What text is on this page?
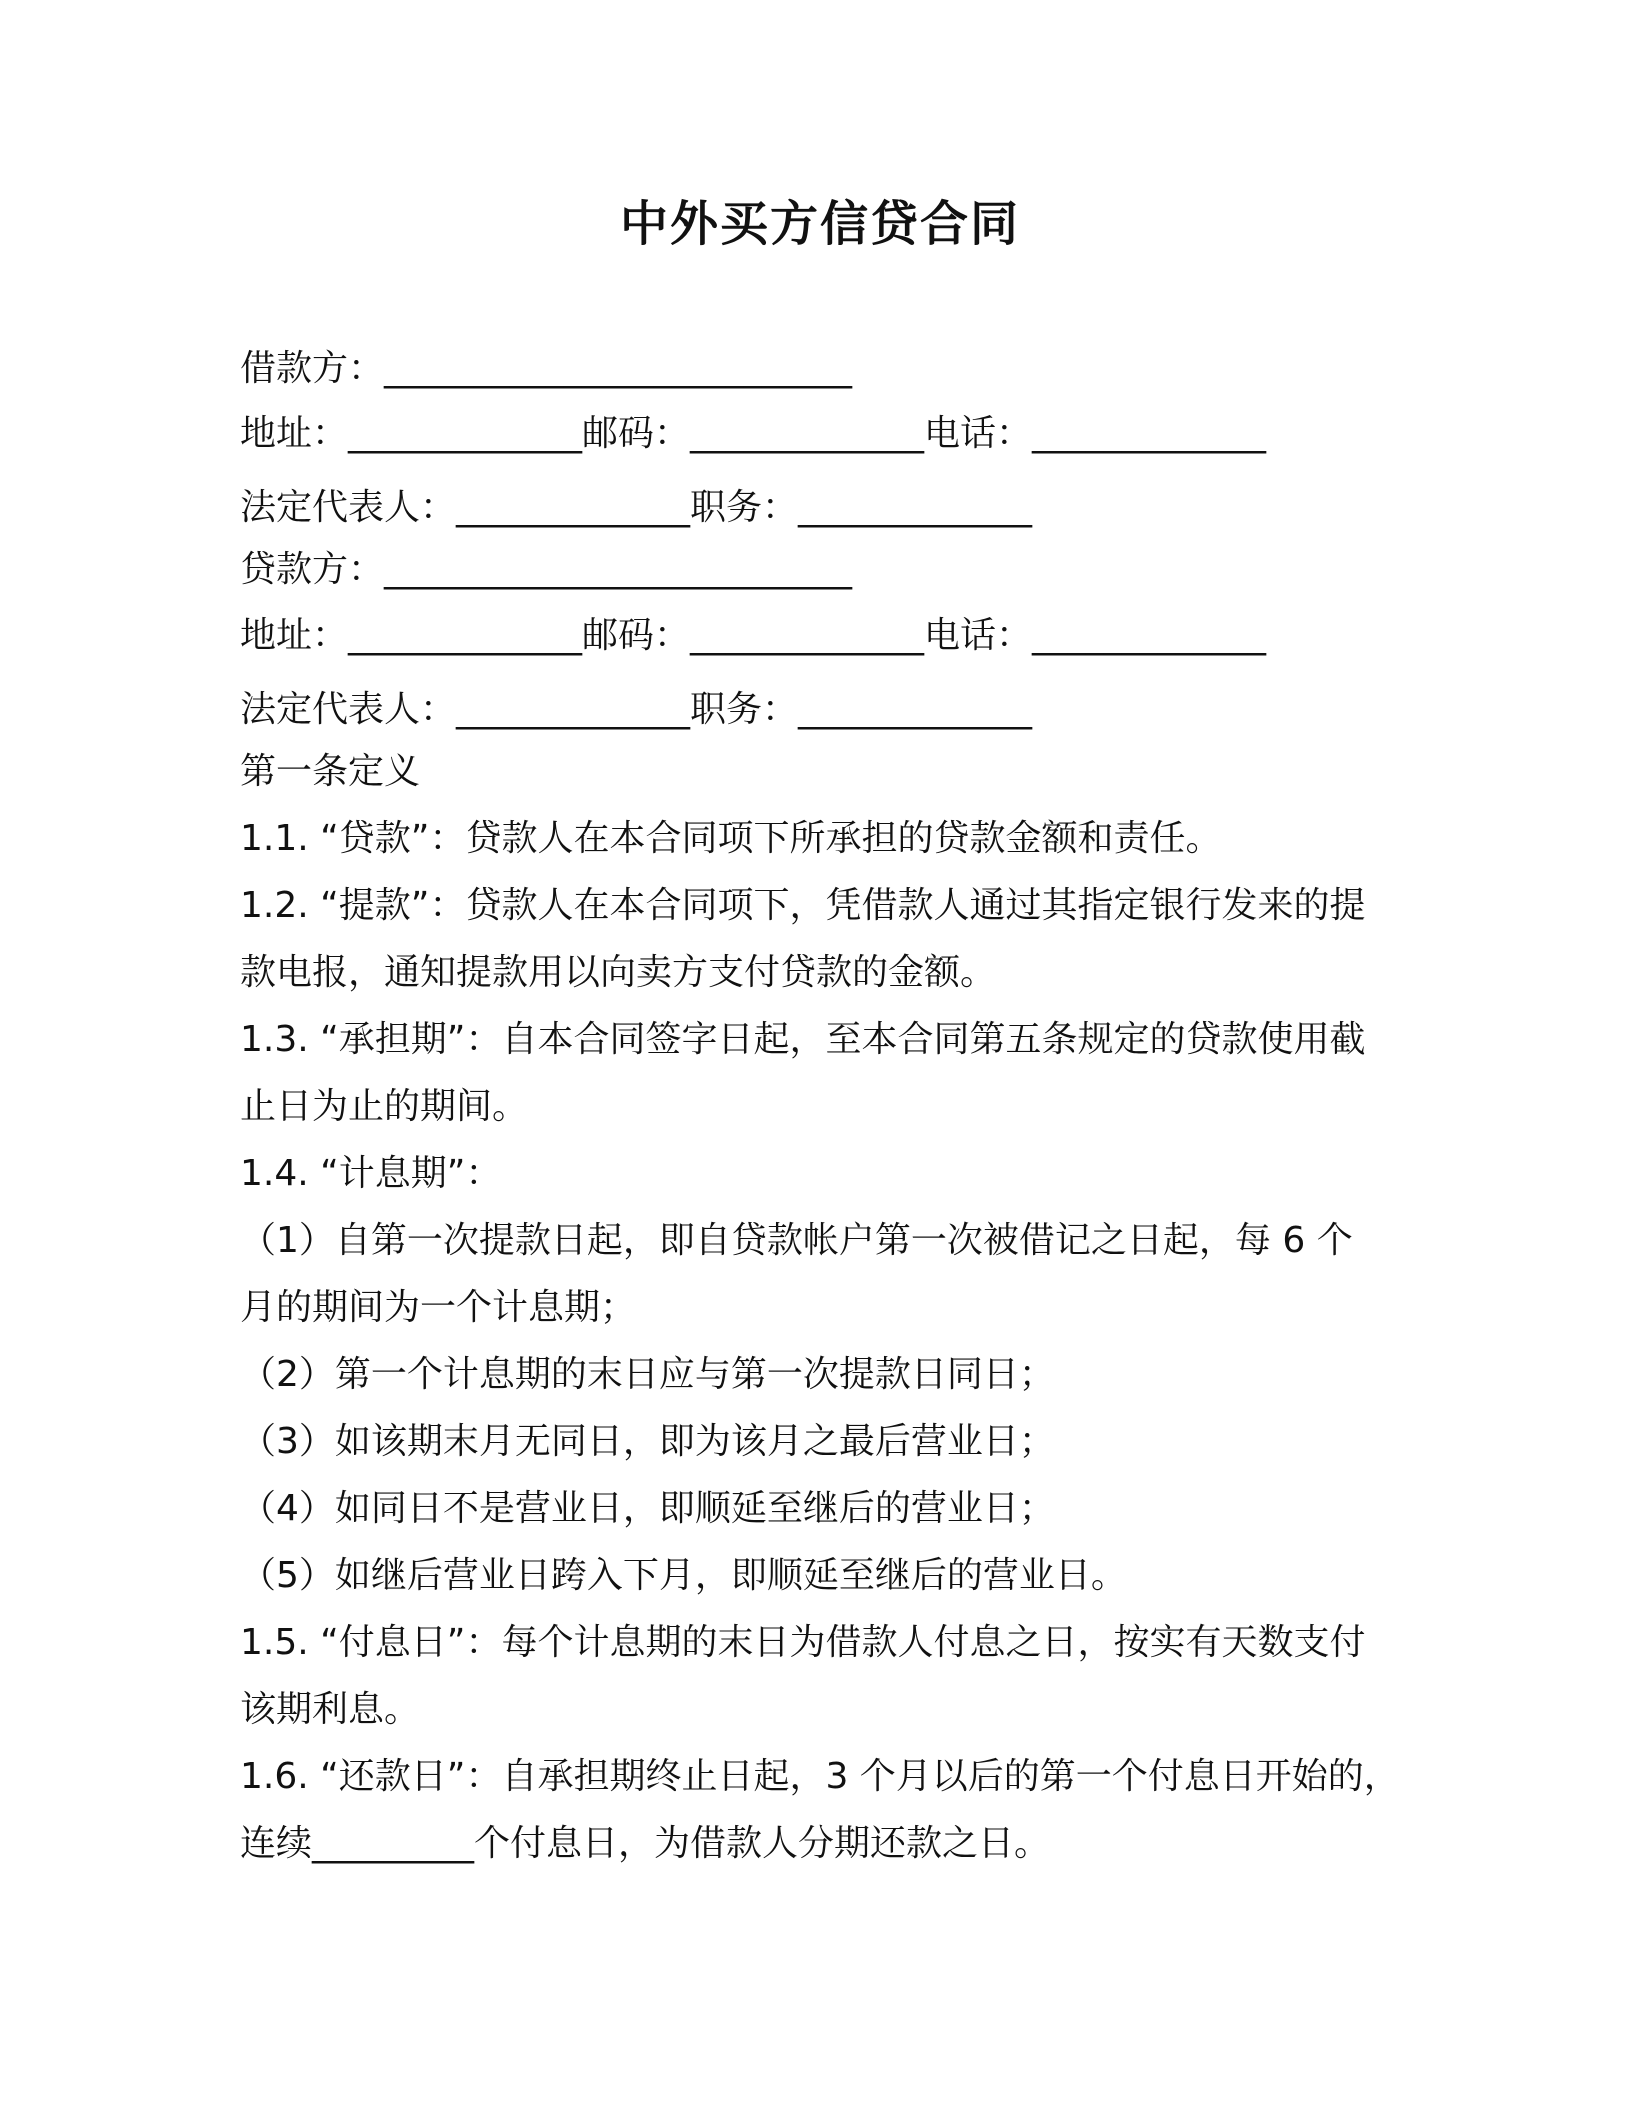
中外买方信贷合同
借款方：__________________________
地址：_____________邮码：_____________电话：_____________
法定代表人：_____________职务：_____________
贷款方：__________________________
地址：_____________邮码：_____________电话：_____________
法定代表人：_____________职务：_____________
第一条定义
1.1. “贷款”：贷款人在本合同项下所承担的贷款金额和责任。
1.2. “提款”：贷款人在本合同项下，凭借款人通过其指定银行发来的提
款电报，通知提款用以向卖方支付贷款的金额。
1.3. “承担期”：自本合同签字日起，至本合同第五条规定的贷款使用截
止日为止的期间。
1.4. “计息期”：
（1）自第一次提款日起，即自贷款帐户第一次被借记之日起，每 6 个
月的期间为一个计息期；
（2）第一个计息期的末日应与第一次提款日同日；
（3）如该期末月无同日，即为该月之最后营业日；
（4）如同日不是营业日，即顺延至继后的营业日；
（5）如继后营业日跨入下月，即顺延至继后的营业日。
1.5. “付息日”：每个计息期的末日为借款人付息之日，按实有天数支付
该期利息。
1.6. “还款日”：自承担期终止日起，3 个月以后的第一个付息日开始的，
连续_________个付息日，为借款人分期还款之日。
